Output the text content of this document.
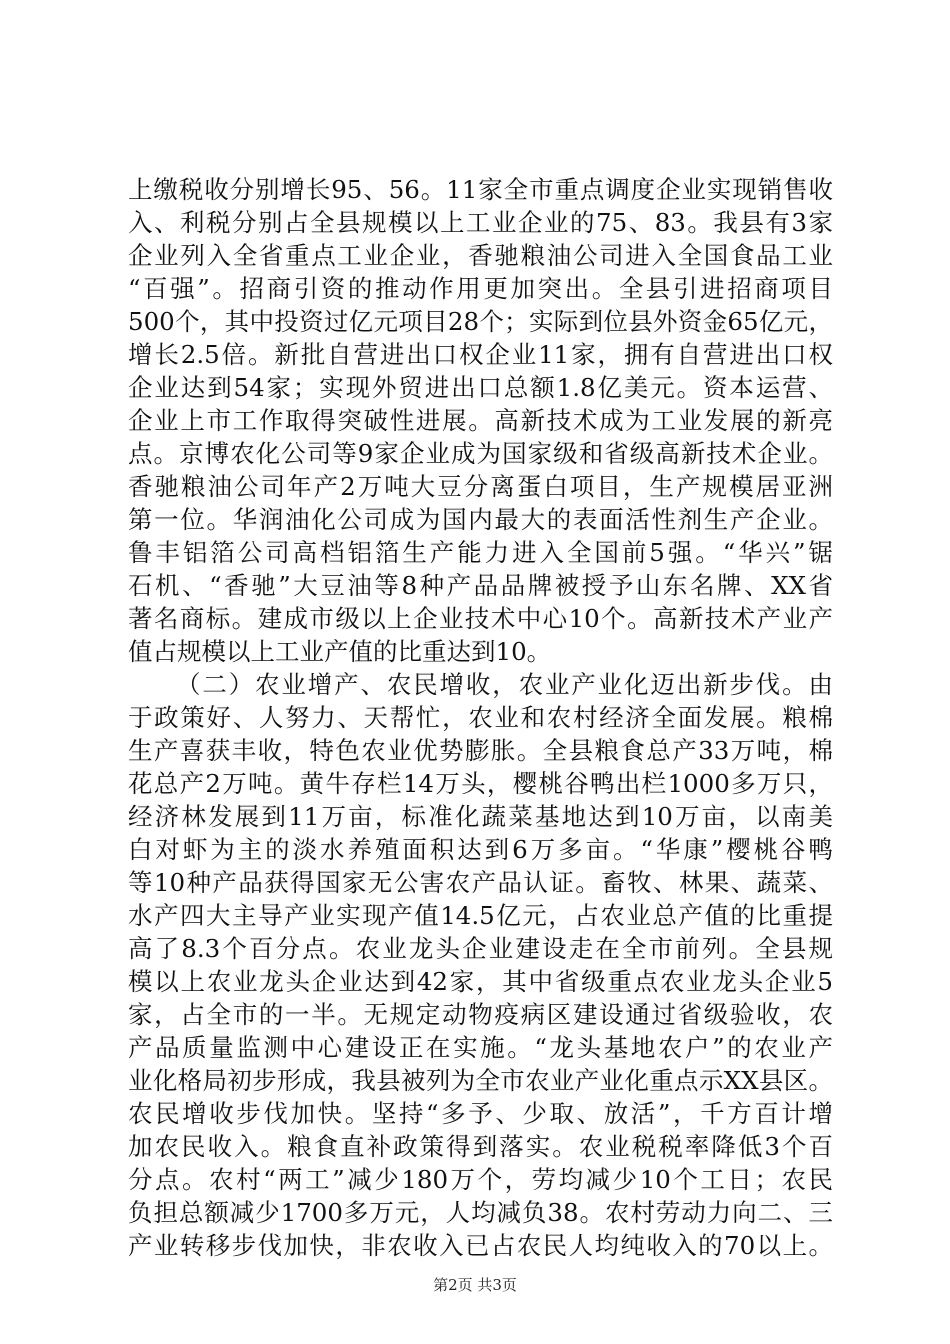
上缴税收分别增长95、56。11家全市重点调度企业实现销售收
入、利税分别占全县规模以上工业企业的75、83。我县有3家
企业列入全省重点工业企业，香驰粮油公司进入全国食品工业
“百强”。招商引资的推动作用更加突出。全县引进招商项目
500个，其中投资过亿元项目28个；实际到位县外资金65亿元，
增长2.5倍。新批自营进出口权企业11家，拥有自营进出口权
企业达到54家；实现外贸进出口总额1.8亿美元。资本运营、
企业上市工作取得突破性进展。高新技术成为工业发展的新亮
点。京博农化公司等9家企业成为国家级和省级高新技术企业。
香驰粮油公司年产2万吨大豆分离蛋白项目，生产规模居亚洲
第一位。华润油化公司成为国内最大的表面活性剂生产企业。
鲁丰铝箔公司高档铝箔生产能力进入全国前5强。“华兴”锯
石机、“香驰”大豆油等8种产品品牌被授予山东名牌、XX省
著名商标。建成市级以上企业技术中心10个。高新技术产业产
值占规模以上工业产值的比重达到10。
（二）农业增产、农民增收，农业产业化迈出新步伐。由
于政策好、人努力、天帮忙，农业和农村经济全面发展。粮棉
生产喜获丰收，特色农业优势膨胀。全县粮食总产33万吨，棉
花总产2万吨。黄牛存栏14万头，樱桃谷鸭出栏1000多万只，
经济林发展到11万亩，标准化蔬菜基地达到10万亩，以南美
白对虾为主的淡水养殖面积达到6万多亩。“华康”樱桃谷鸭
等10种产品获得国家无公害农产品认证。畜牧、林果、蔬菜、
水产四大主导产业实现产值14.5亿元，占农业总产值的比重提
高了8.3个百分点。农业龙头企业建设走在全市前列。全县规
模以上农业龙头企业达到42家，其中省级重点农业龙头企业5
家，占全市的一半。无规定动物疫病区建设通过省级验收，农
产品质量监测中心建设正在实施。“龙头基地农户”的农业产
业化格局初步形成，我县被列为全市农业产业化重点示XX县区。
农民增收步伐加快。坚持“多予、少取、放活”，千方百计增
加农民收入。粮食直补政策得到落实。农业税税率降低3个百
分点。农村“两工”减少180万个，劳均减少10个工日；农民
负担总额减少1700多万元，人均减负38。农村劳动力向二、三
产业转移步伐加快，非农收入已占农民人均纯收入的70以上。
第2页 共3页
